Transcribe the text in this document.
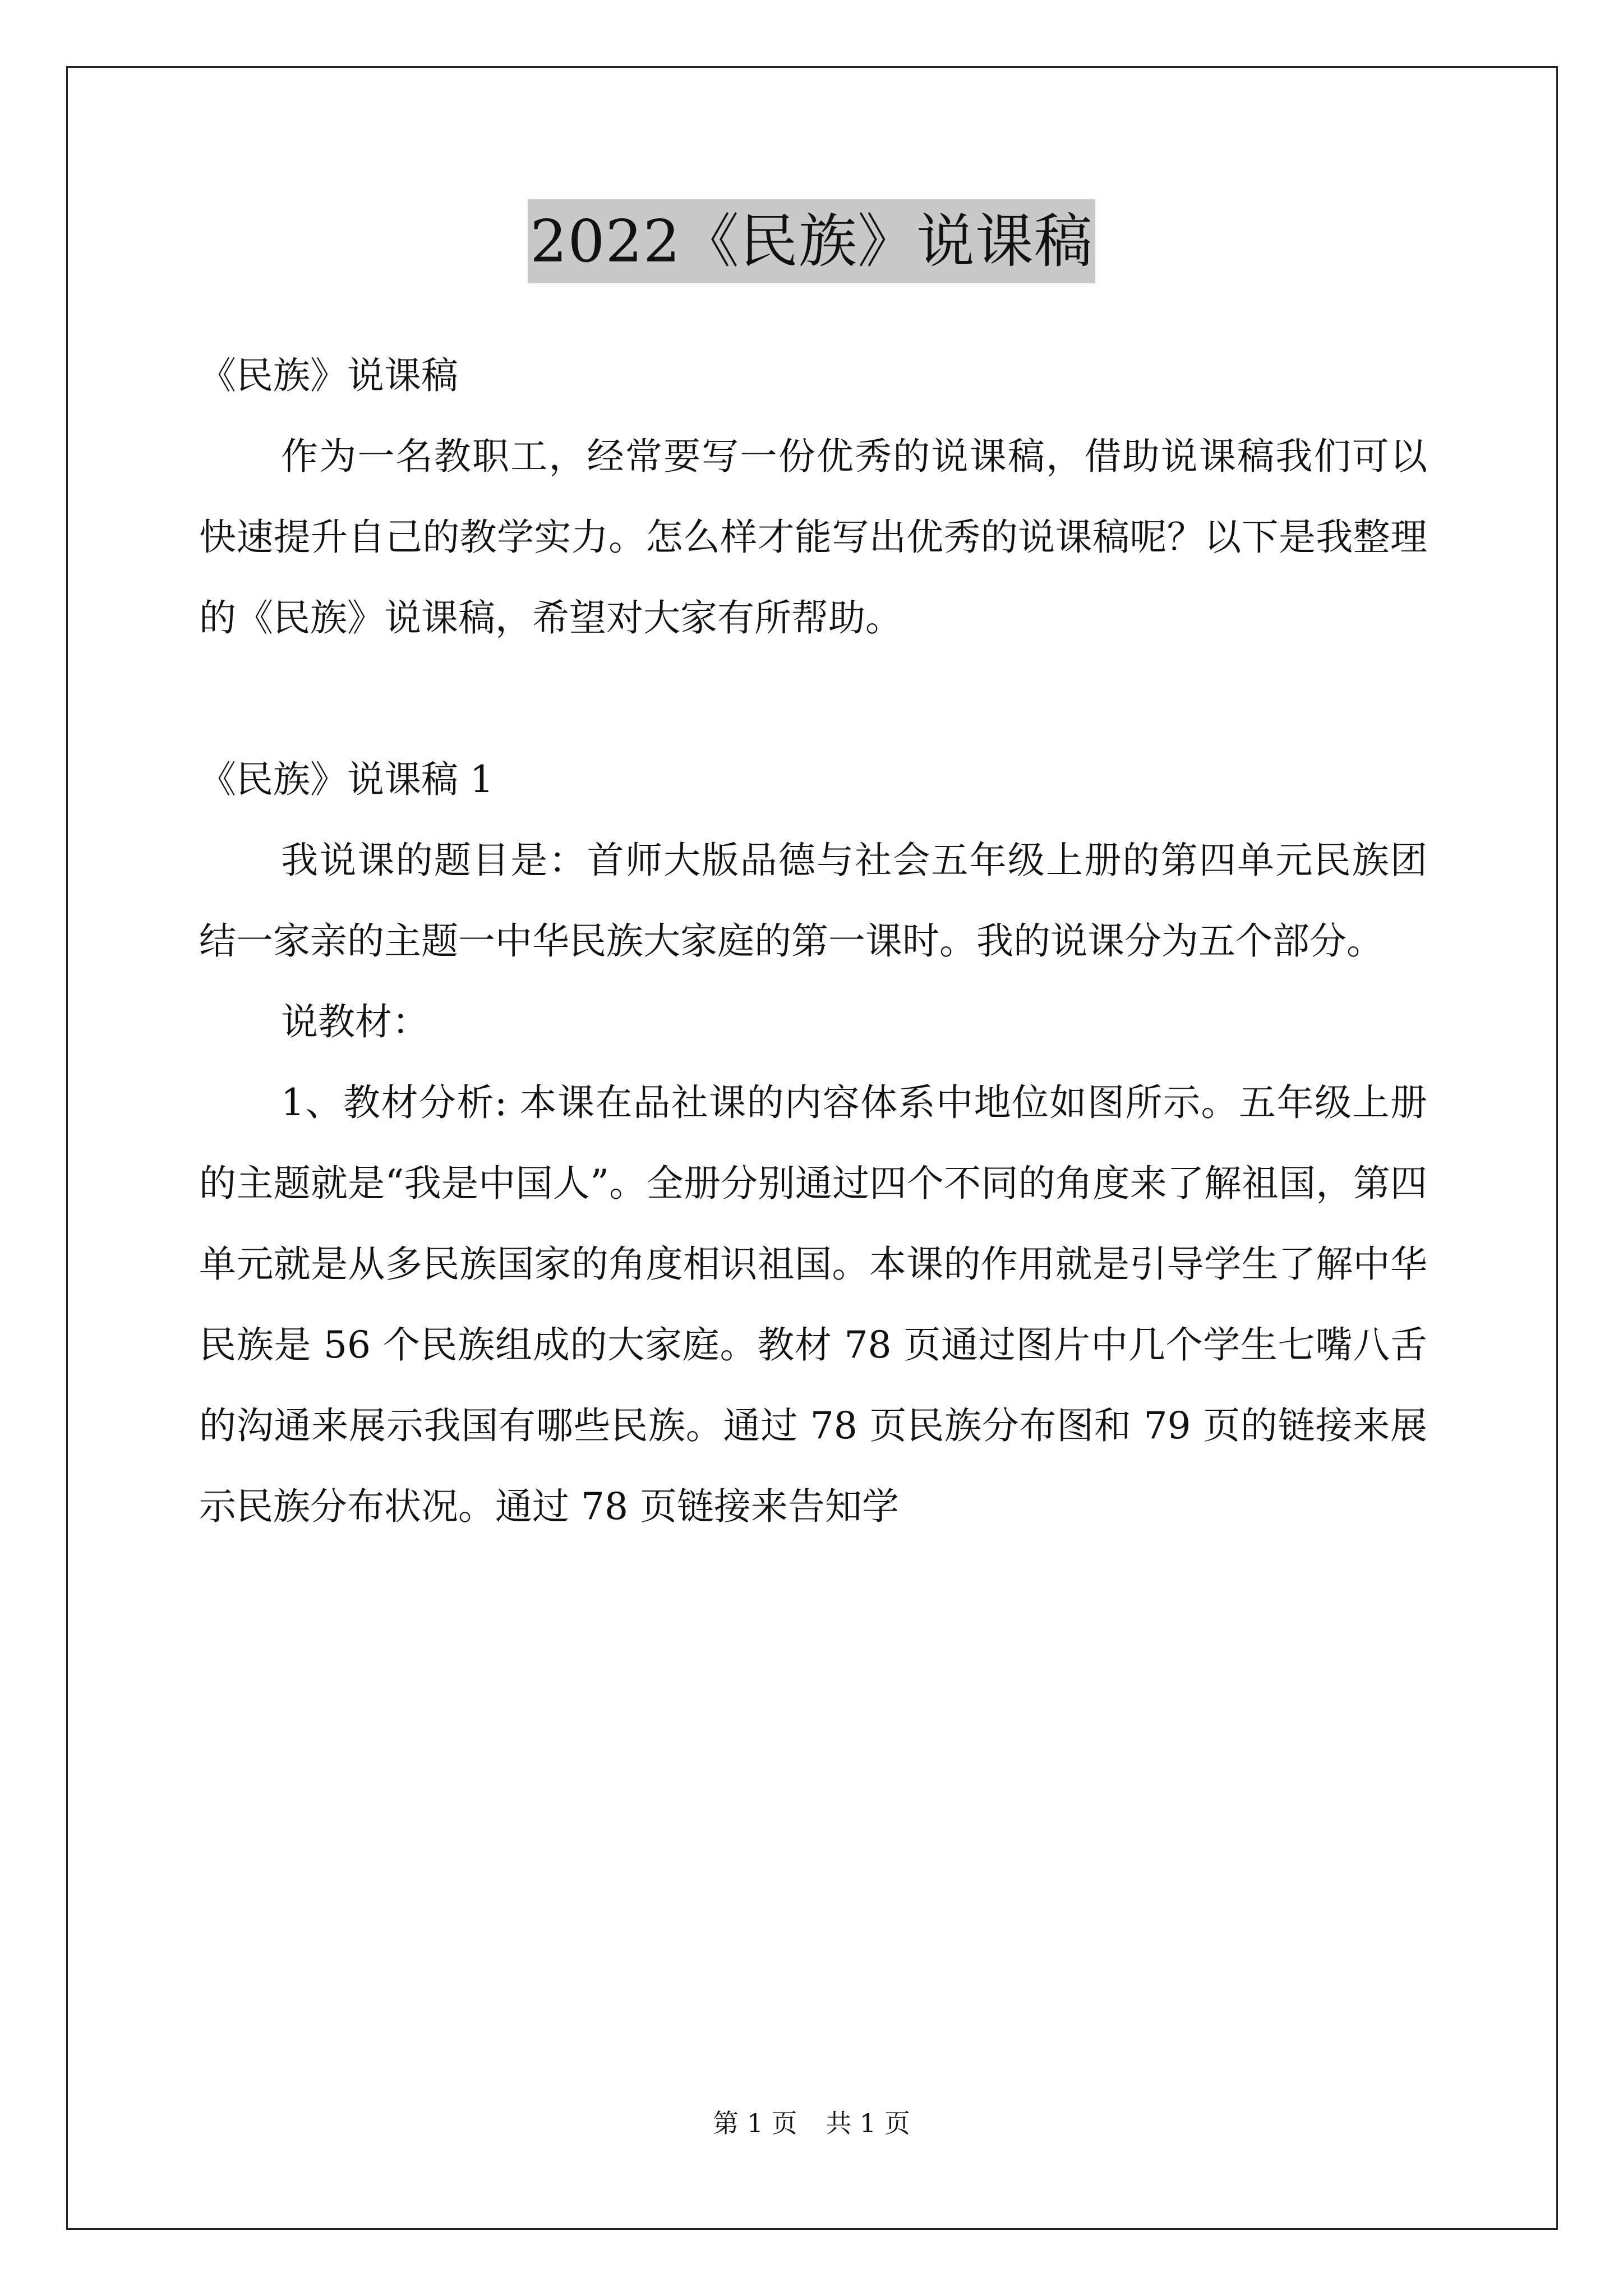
2022《民族》说课稿

《民族》说课稿

作为一名教职工，经常要写一份优秀的说课稿，借助说课稿我们可以快速提升自己的教学实力。怎么样才能写出优秀的说课稿呢？以下是我整理的《民族》说课稿，希望对大家有所帮助。

《民族》说课稿 1

我说课的题目是：首师大版品德与社会五年级上册的第四单元民族团结一家亲的主题一中华民族大家庭的第一课时。我的说课分为五个部分。

说教材：

1、教材分析: 本课在品社课的内容体系中地位如图所示。五年级上册的主题就是“我是中国人”。全册分别通过四个不同的角度来了解祖国，第四单元就是从多民族国家的角度相识祖国。本课的作用就是引导学生了解中华民族是 56 个民族组成的大家庭。教材 78 页通过图片中几个学生七嘴八舌的沟通来展示我国有哪些民族。通过 78 页民族分布图和 79 页的链接来展示民族分布状况。通过 78 页链接来告知学

第 1 页 共 1 页
